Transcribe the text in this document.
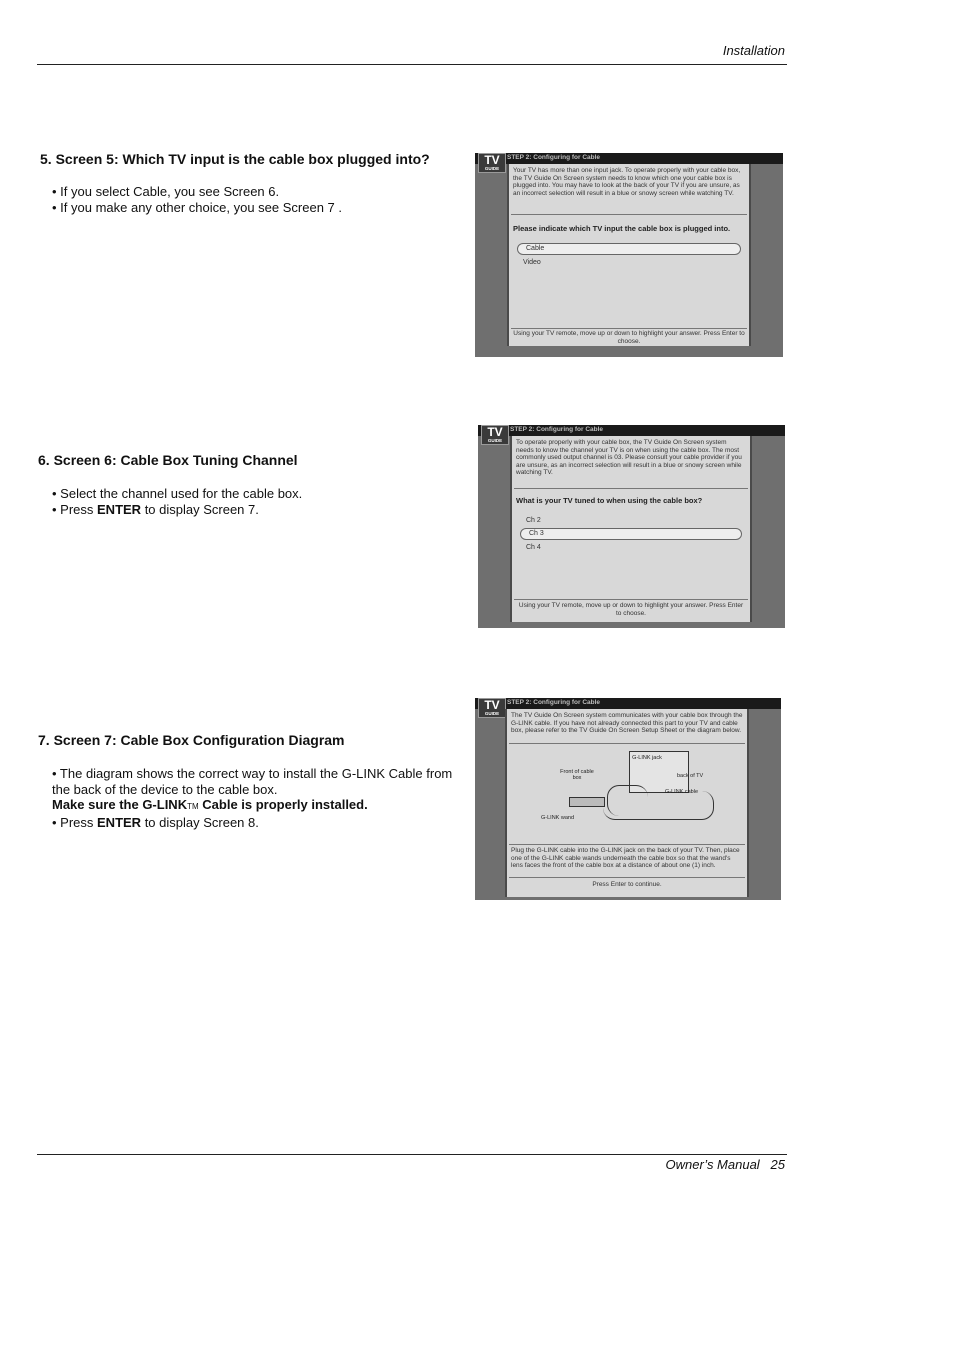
Installation
5. Screen 5: Which TV input is the cable box plugged into?

• If you select Cable, you see Screen 6.

• If you make any other choice, you see Screen 7 .

6. Screen 6: Cable Box Tuning Channel

• Select the channel used for the cable box.

• Press ENTER to display Screen 7.

7. Screen 7: Cable Box Configuration Diagram

• The diagram shows the correct way to install the G-LINK Cable from the back of the device to the cable box.

Make sure the G-LINKTM Cable is properly installed.

• Press ENTER to display Screen 8.

STEP 2: Configuring for Cable
TV
GUIDE	Your TV has more than one input jack. To operate properly with your cable box, the TV Guide On Screen system needs to know which one your cable box is plugged into. You may have to look at the back of your TV if you are unsure, as an incorrect selection will result in a blue or snowy screen while watching TV.
Please indicate which TV input the cable box is plugged into.
Cable
Video
Using your TV remote, move up or down to highlight your answer. Press Enter to choose.
STEP 2: Configuring for Cable
TV
GUIDE	To operate properly with your cable box, the TV Guide On Screen system needs to know the channel your TV is on when using the cable box. The most commonly used output channel is 03. Please consult your cable provider if you are unsure, as an incorrect selection will result in a blue or snowy screen while watching TV.
What is your TV tuned to when using the cable box?
Ch 2
Ch 3
Ch 4
Using your TV remote, move up or down to highlight your answer. Press Enter to choose.
STEP 2: Configuring for Cable
TV
GUIDE	The TV Guide On Screen system communicates with your cable box through the G-LINK cable. If you have not already connected this part to your TV and cable box, please refer to the TV Guide On Screen Setup Sheet or the diagram below.
G-LINK jack
back of TV
G-LINK cable
Front of cable box
G-LINK wand
Plug the G-LINK cable into the G-LINK jack on the back of your TV. Then, place one of the G-LINK cable wands underneath the cable box so that the wand's lens faces the front of the cable box at a distance of about one (1) inch.
Press Enter to continue.
Owner’s Manual   25
